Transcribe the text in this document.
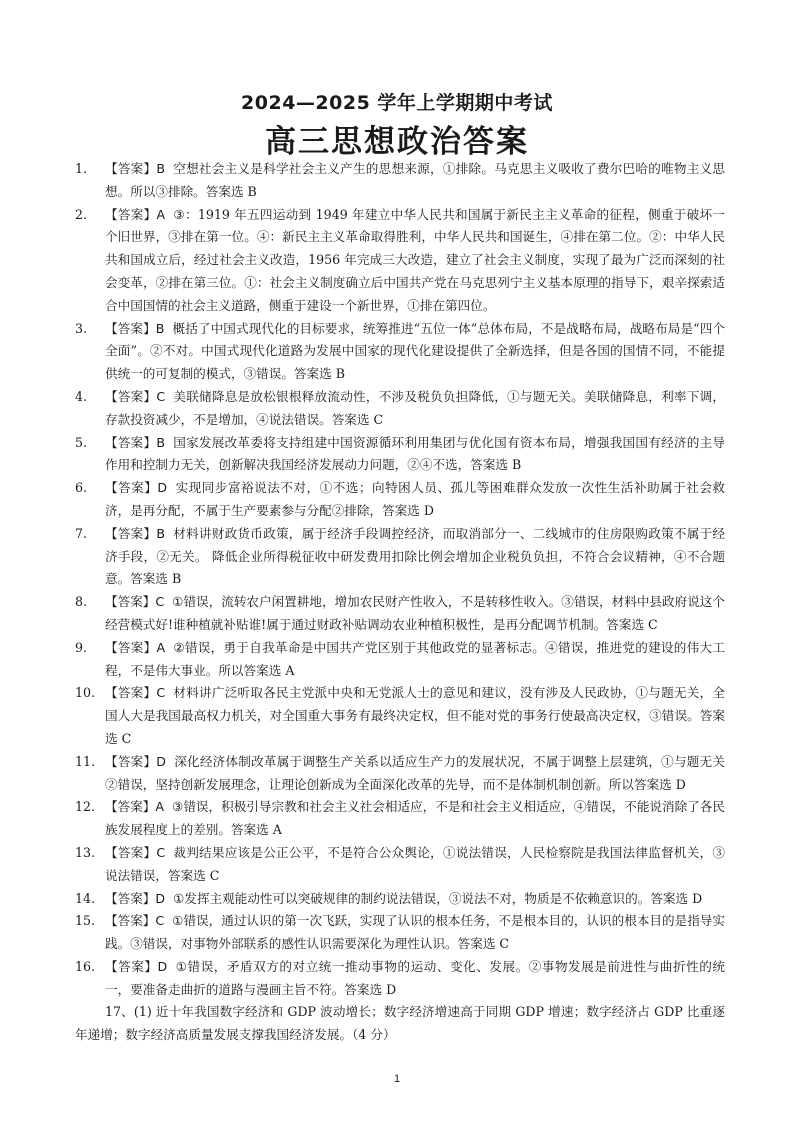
2024—2025 学年上学期期中考试
高三思想政治答案
1.	【答案】B 空想社会主义是科学社会主义产生的思想来源，①排除。马克思主义吸收了费尔巴哈的唯物主义思想。所以③排除。答案选 B
2.	【答案】A ③：1919 年五四运动到 1949 年建立中华人民共和国属于新民主主义革命的征程，侧重于破坏一个旧世界，③排在第一位。④：新民主主义革命取得胜利，中华人民共和国诞生，④排在第二位。②：中华人民共和国成立后，经过社会主义改造，1956 年完成三大改造，建立了社会主义制度，实现了最为广泛而深刻的社会变革，②排在第三位。①：社会主义制度确立后中国共产党在马克思列宁主义基本原理的指导下，艰辛探索适合中国国情的社会主义道路，侧重于建设一个新世界，①排在第四位。
3.	【答案】B 概括了中国式现代化的目标要求，统筹推进“五位一体”总体布局，不是战略布局，战略布局是“四个全面”。②不对。中国式现代化道路为发展中国家的现代化建设提供了全新选择，但是各国的国情不同，不能提供统一的可复制的模式，③错误。答案选 B
4.	【答案】C 美联储降息是放松银根释放流动性，不涉及税负负担降低，①与题无关。美联储降息，利率下调，存款投资减少，不是增加，④说法错误。答案选 C
5.	【答案】B 国家发展改革委将支持组建中国资源循环利用集团与优化国有资本布局，增强我国国有经济的主导作用和控制力无关，创新解决我国经济发展动力问题，②④不选，答案选 B
6.	【答案】D 实现同步富裕说法不对，①不选；向特困人员、孤儿等困难群众发放一次性生活补助属于社会救济，是再分配，不属于生产要素参与分配②排除，答案选 D
7.	【答案】B 材料讲财政货币政策，属于经济手段调控经济，而取消部分一、二线城市的住房限购政策不属于经济手段，②无关。 降低企业所得税征收中研发费用扣除比例会增加企业税负负担，不符合会议精神，④不合题意。答案选 B
8.	【答案】C ①错误，流转农户闲置耕地，增加农民财产性收入，不是转移性收入。③错误，材料中县政府说这个经营模式好!谁种植就补贴谁!属于通过财政补贴调动农业种植积极性，是再分配调节机制。答案选 C
9.	【答案】A ②错误，勇于自我革命是中国共产党区别于其他政党的显著标志。④错误，推进党的建设的伟大工程，不是伟大事业。所以答案选 A
10. 【答案】C 材料讲广泛听取各民主党派中央和无党派人士的意见和建议，没有涉及人民政协，①与题无关，全国人大是我国最高权力机关，对全国重大事务有最终决定权，但不能对党的事务行使最高决定权，③错误。答案选 C
11. 【答案】D 深化经济体制改革属于调整生产关系以适应生产力的发展状况，不属于调整上层建筑，①与题无关②错误，坚持创新发展理念，让理论创新成为全面深化改革的先导，而不是体制机制创新。所以答案选 D
12. 【答案】A ③错误，积极引导宗教和社会主义社会相适应，不是和社会主义相适应，④错误，不能说消除了各民族发展程度上的差别。答案选 A
13. 【答案】C 裁判结果应该是公正公平，不是符合公众舆论，①说法错误，人民检察院是我国法律监督机关，③说法错误，答案选 C
14. 【答案】D ①发挥主观能动性可以突破规律的制约说法错误，③说法不对，物质是不依赖意识的。答案选 D
15. 【答案】C ①错误，通过认识的第一次飞跃，实现了认识的根本任务，不是根本目的，认识的根本目的是指导实践。③错误，对事物外部联系的感性认识需要深化为理性认识。答案选 C
16. 【答案】D ①错误，矛盾双方的对立统一推动事物的运动、变化、发展。②事物发展是前进性与曲折性的统一，要准备走曲折的道路与漫画主旨不符。答案选 D
17、(1) 近十年我国数字经济和 GDP 波动增长；数字经济增速高于同期 GDP 增速；数字经济占 GDP 比重逐年递增；数字经济高质量发展支撑我国经济发展。（4 分）
1
